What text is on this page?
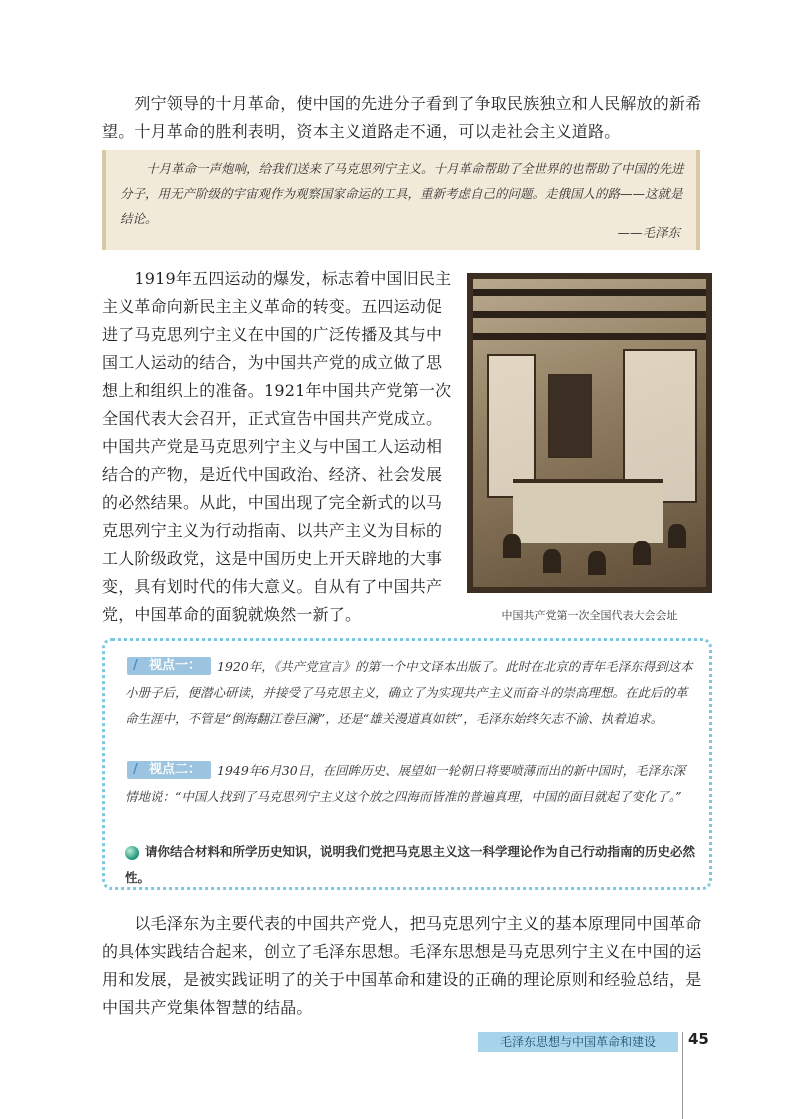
　　列宁领导的十月革命，使中国的先进分子看到了争取民族独立和人民解放的新希望。十月革命的胜利表明，资本主义道路走不通，可以走社会主义道路。

十月革命一声炮响，给我们送来了马克思列宁主义。十月革命帮助了全世界的也帮助了中国的先进分子，用无产阶级的宇宙观作为观察国家命运的工具，重新考虑自己的问题。走俄国人的路——这就是结论。

——毛泽东

　　1919年五四运动的爆发，标志着中国旧民主主义革命向新民主主义革命的转变。五四运动促进了马克思列宁主义在中国的广泛传播及其与中国工人运动的结合，为中国共产党的成立做了思想上和组织上的准备。1921年中国共产党第一次全国代表大会召开，正式宣告中国共产党成立。中国共产党是马克思列宁主义与中国工人运动相结合的产物，是近代中国政治、经济、社会发展的必然结果。从此，中国出现了完全新式的以马克思列宁主义为行动指南、以共产主义为目标的工人阶级政党，这是中国历史上开天辟地的大事变，具有划时代的伟大意义。自从有了中国共产党，中国革命的面貌就焕然一新了。	中国共产党第一次全国代表大会会址
/ 视点一：	1920年，《共产党宣言》的第一个中文译本出版了。此时在北京的青年毛泽东得到这本小册子后，便潜心研读，并接受了马克思主义，确立了为实现共产主义而奋斗的崇高理想。在此后的革命生涯中，不管是“倒海翻江卷巨澜”，还是“雄关漫道真如铁”，毛泽东始终矢志不渝、执着追求。

/ 视点二：	1949年6月30日，在回眸历史、展望如一轮朝日将要喷薄而出的新中国时，毛泽东深情地说：“中国人找到了马克思列宁主义这个放之四海而皆准的普遍真理，中国的面目就起了变化了。”

请你结合材料和所学历史知识，说明我们党把马克思主义这一科学理论作为自己行动指南的历史必然性。

　　以毛泽东为主要代表的中国共产党人，把马克思列宁主义的基本原理同中国革命的具体实践结合起来，创立了毛泽东思想。毛泽东思想是马克思列宁主义在中国的运用和发展，是被实践证明了的关于中国革命和建设的正确的理论原则和经验总结，是中国共产党集体智慧的结晶。

毛泽东思想与中国革命和建设	45
